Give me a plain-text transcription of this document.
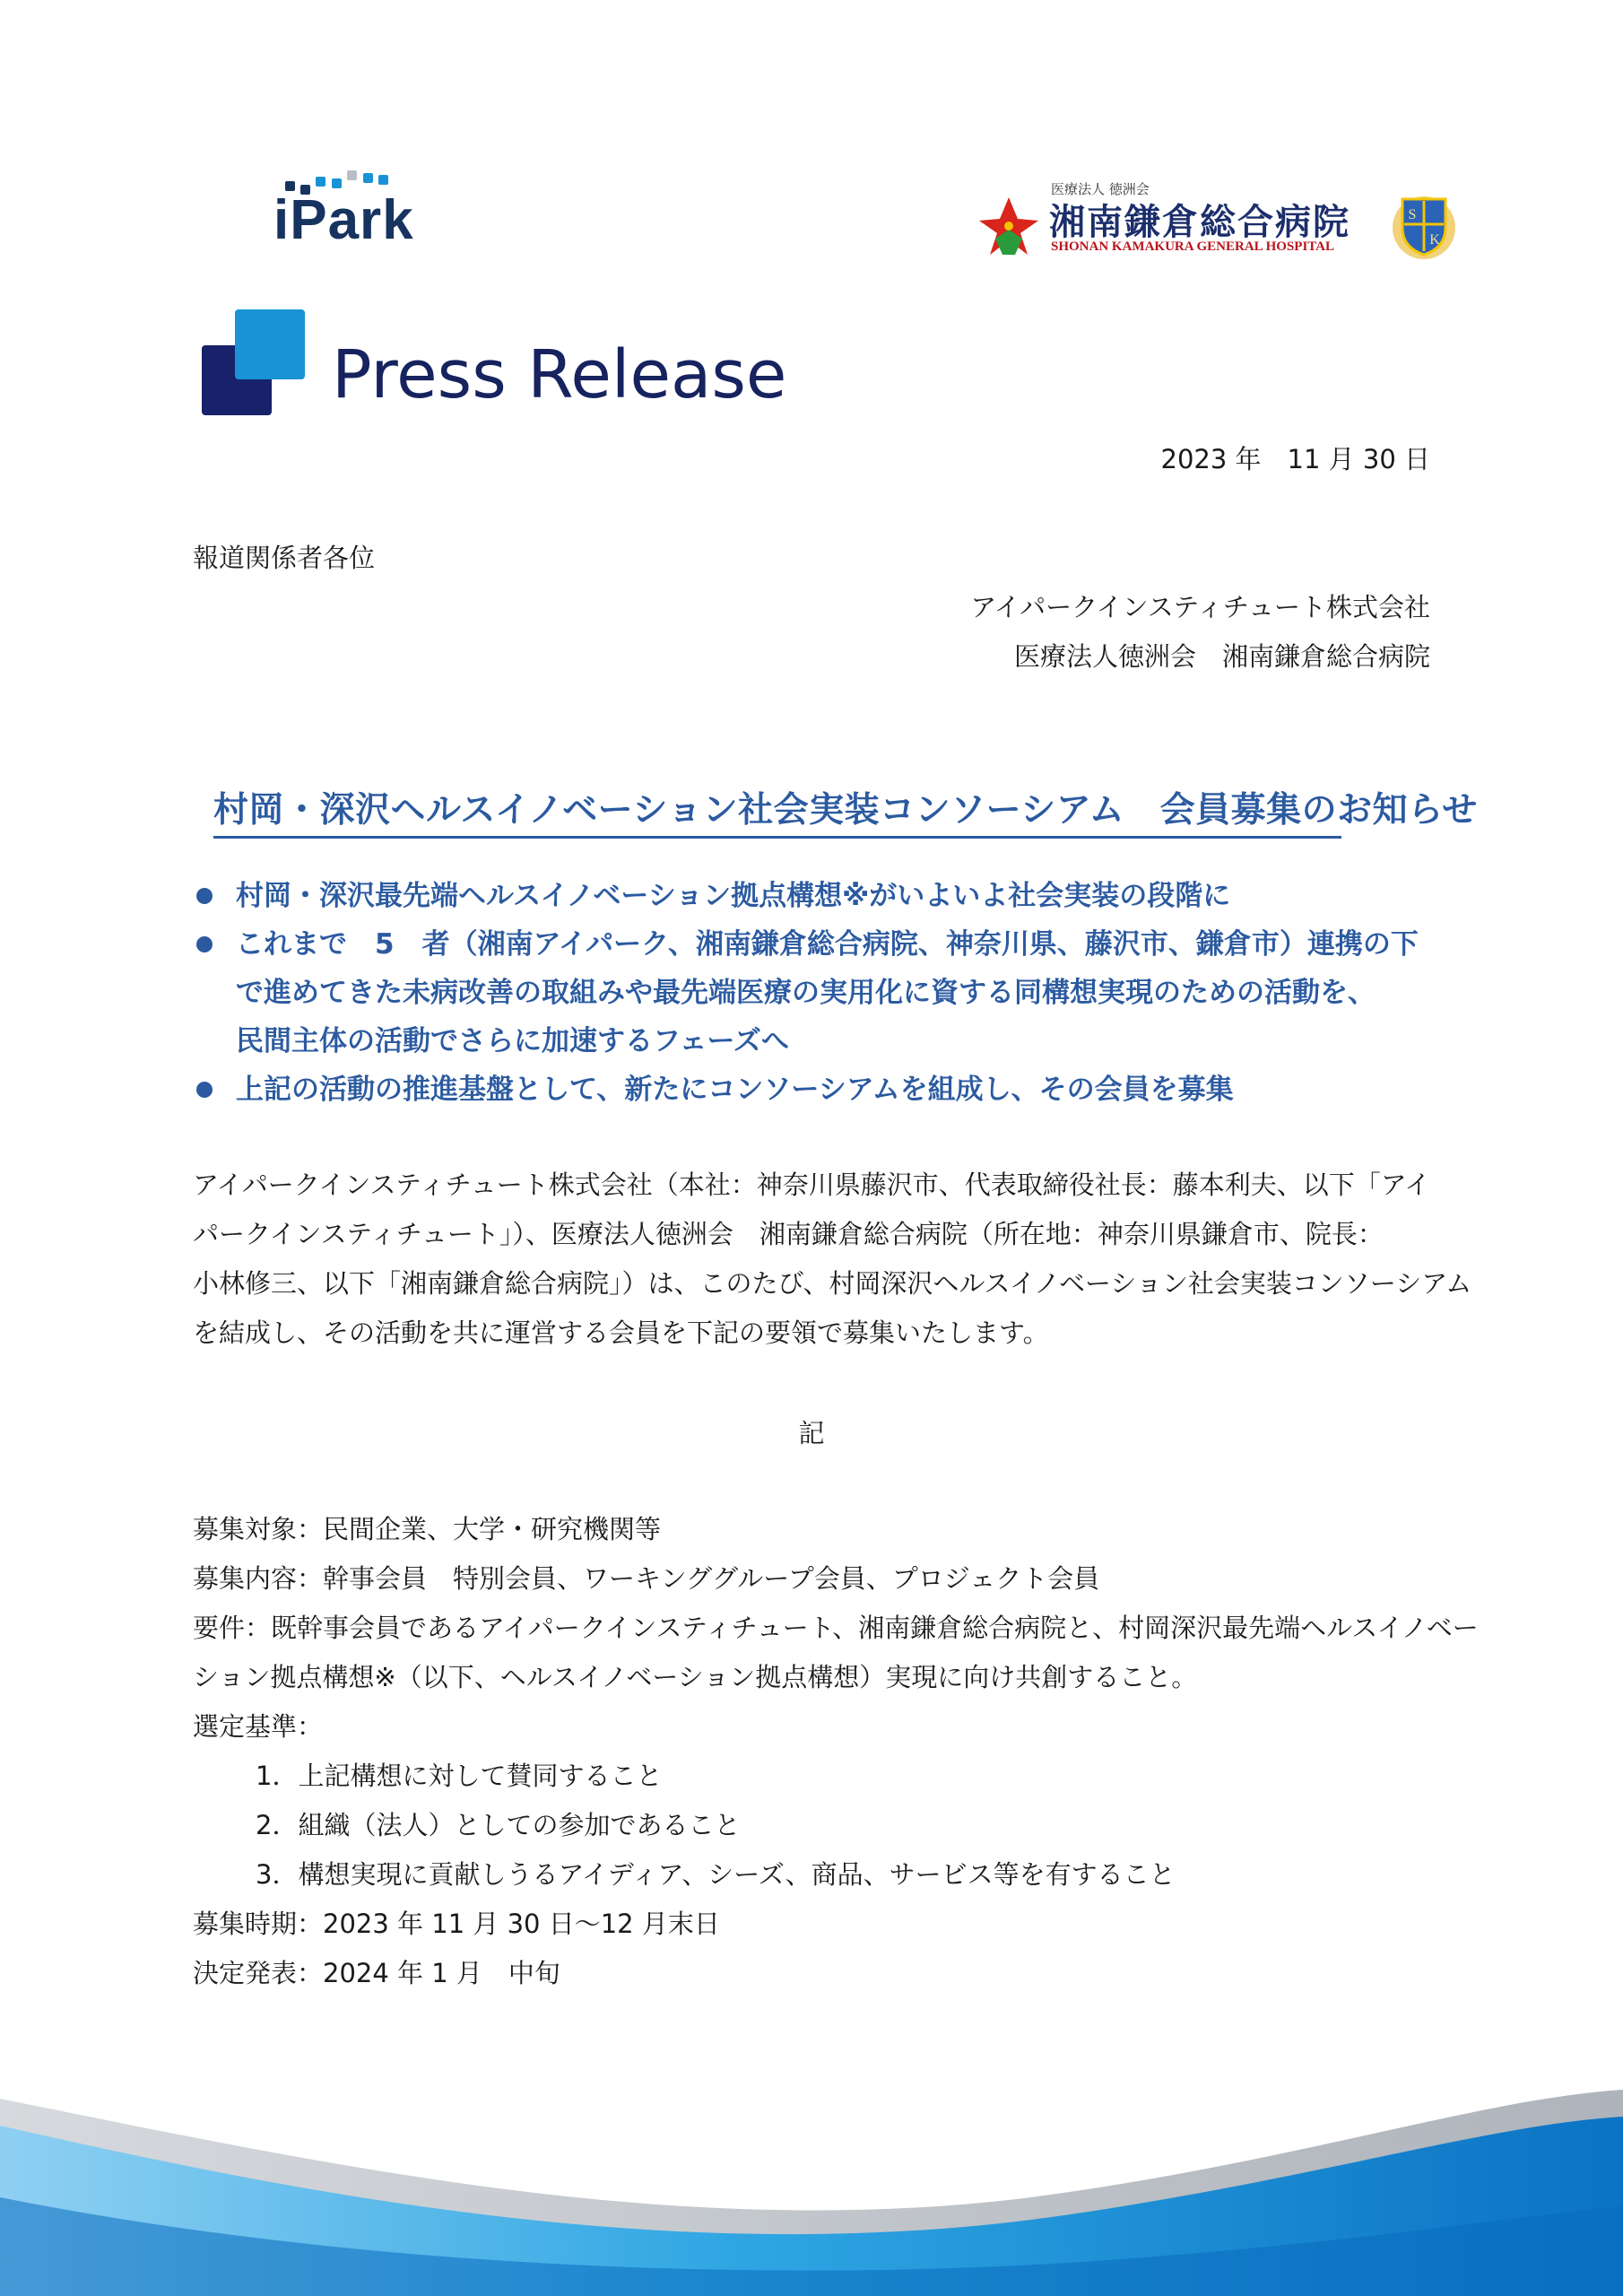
iPark	医療法人 徳洲会
湘南鎌倉総合病院
SHONAN KAMAKURA GENERAL HOSPITAL
S
K
Press Release
2023 年　11 月 30 日
報道関係者各位
アイパークインスティチュート株式会社
医療法人徳洲会　湘南鎌倉総合病院
村岡・深沢ヘルスイノベーション社会実装コンソーシアム　会員募集のお知らせ
村岡・深沢最先端ヘルスイノベーション拠点構想※がいよいよ社会実装の段階に
これまで　5　者（湘南アイパーク、湘南鎌倉総合病院、神奈川県、藤沢市、鎌倉市）連携の下
で進めてきた未病改善の取組みや最先端医療の実用化に資する同構想実現のための活動を、
民間主体の活動でさらに加速するフェーズへ
上記の活動の推進基盤として、新たにコンソーシアムを組成し、その会員を募集
アイパークインスティチュート株式会社（本社：神奈川県藤沢市、代表取締役社長：藤本利夫、以下「アイ
パークインスティチュート」）、医療法人徳洲会　湘南鎌倉総合病院（所在地：神奈川県鎌倉市、院長：
小林修三、以下「湘南鎌倉総合病院」）は、このたび、村岡深沢ヘルスイノベーション社会実装コンソーシアム
を結成し、その活動を共に運営する会員を下記の要領で募集いたします。
記
募集対象：民間企業、大学・研究機関等
募集内容：幹事会員　特別会員、ワーキンググループ会員、プロジェクト会員
要件：既幹事会員であるアイパークインスティチュート、湘南鎌倉総合病院と、村岡深沢最先端ヘルスイノベー
ション拠点構想※（以下、ヘルスイノベーション拠点構想）実現に向け共創すること。
選定基準：
1．上記構想に対して賛同すること
2．組織（法人）としての参加であること
3．構想実現に貢献しうるアイディア、シーズ、商品、サービス等を有すること
募集時期：2023 年 11 月 30 日～12 月末日
決定発表：2024 年 1 月　中旬
